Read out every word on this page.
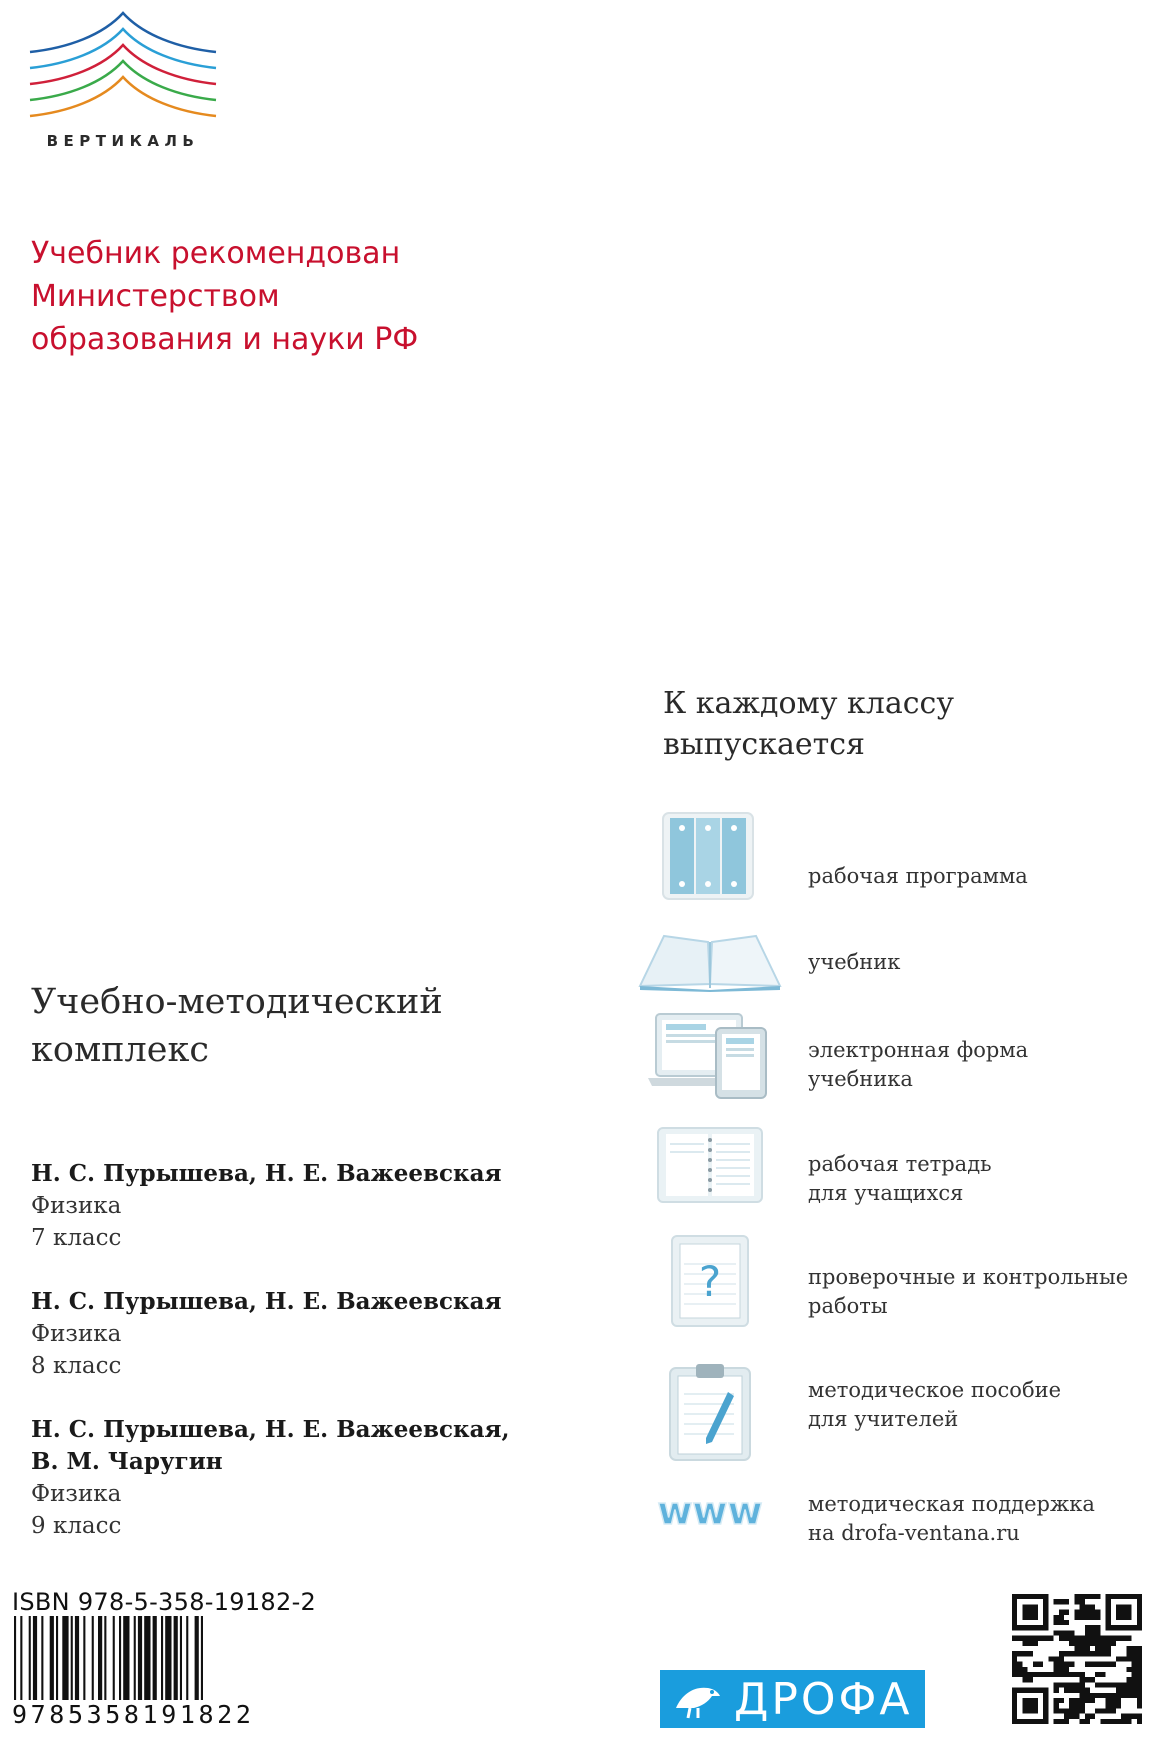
ВЕРТИКАЛЬ
Учебник рекомендован
Министерством
образования и науки РФ
К каждому классу
выпускается
?
www
рабочая программа
учебник
электронная форма
учебника
рабочая тетрадь
для учащихся
проверочные и контрольные
работы
методическое пособие
для учителей
методическая поддержка
на drofa-ventana.ru
Учебно-методический
комплекс
Н. С. Пурышева, Н. Е. Важеевская
Физика
7 класс
Н. С. Пурышева, Н. Е. Важеевская
Физика
8 класс
Н. С. Пурышева, Н. Е. Важеевская,
В. М. Чаругин
Физика
9 класс
ISBN 978-5-358-19182-2
9785358191822	ДРОФА
